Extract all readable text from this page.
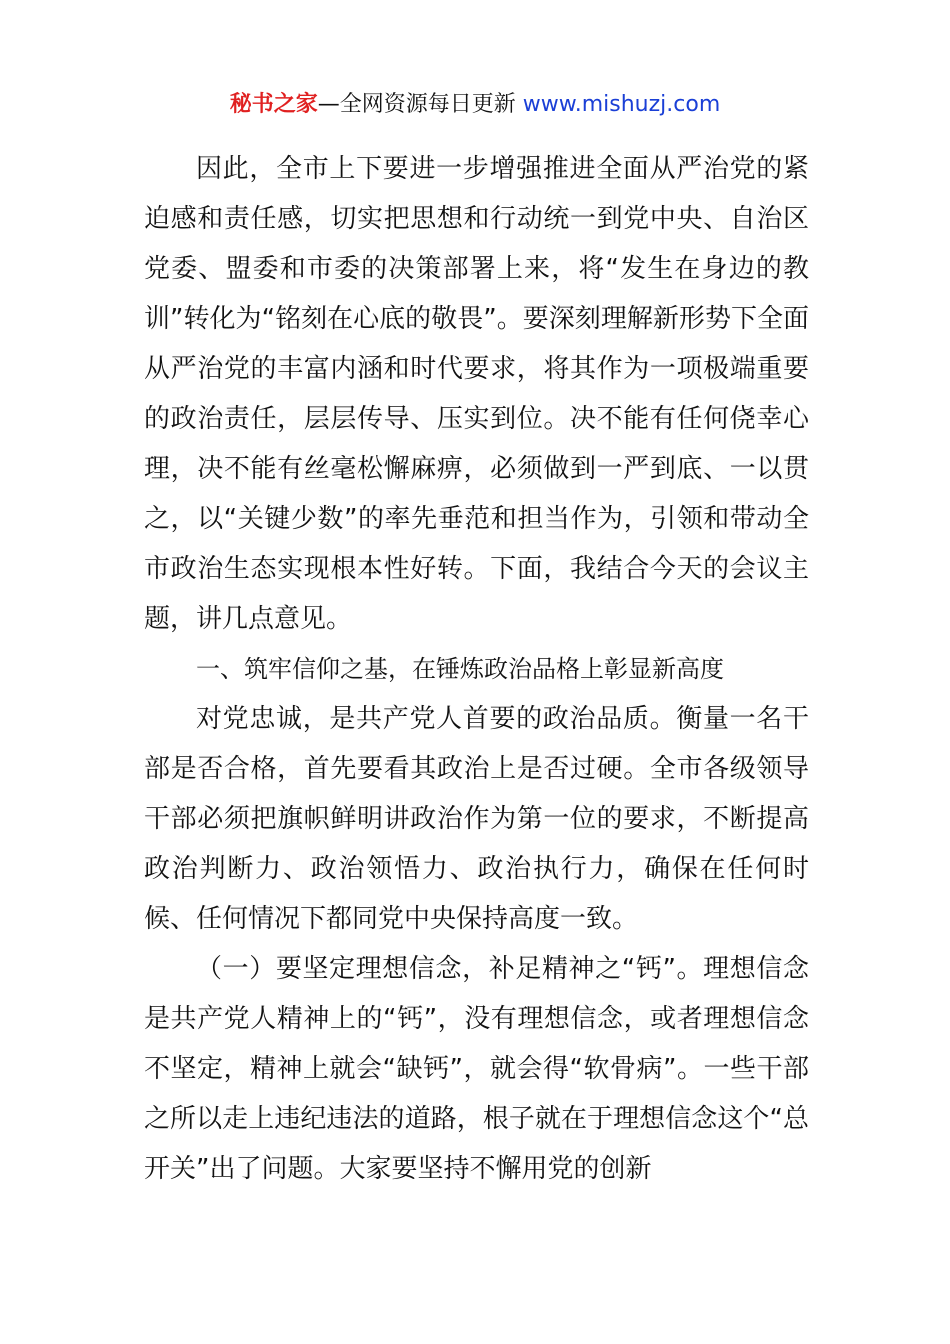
秘书之家—全网资源每日更新 www.mishuzj.com

因此，全市上下要进一步增强推进全面从严治党的紧迫感和责任感，切实把思想和行动统一到党中央、自治区党委、盟委和市委的决策部署上来，将“发生在身边的教训”转化为“铭刻在心底的敬畏”。要深刻理解新形势下全面从严治党的丰富内涵和时代要求，将其作为一项极端重要的政治责任，层层传导、压实到位。决不能有任何侥幸心理，决不能有丝毫松懈麻痹，必须做到一严到底、一以贯之，以“关键少数”的率先垂范和担当作为，引领和带动全市政治生态实现根本性好转。下面，我结合今天的会议主题，讲几点意见。

一、筑牢信仰之基，在锤炼政治品格上彰显新高度

对党忠诚，是共产党人首要的政治品质。衡量一名干部是否合格，首先要看其政治上是否过硬。全市各级领导干部必须把旗帜鲜明讲政治作为第一位的要求，不断提高政治判断力、政治领悟力、政治执行力，确保在任何时候、任何情况下都同党中央保持高度一致。

（一）要坚定理想信念，补足精神之“钙”。理想信念是共产党人精神上的“钙”，没有理想信念，或者理想信念不坚定，精神上就会“缺钙”，就会得“软骨病”。一些干部之所以走上违纪违法的道路，根子就在于理想信念这个“总开关”出了问题。大家要坚持不懈用党的创新
